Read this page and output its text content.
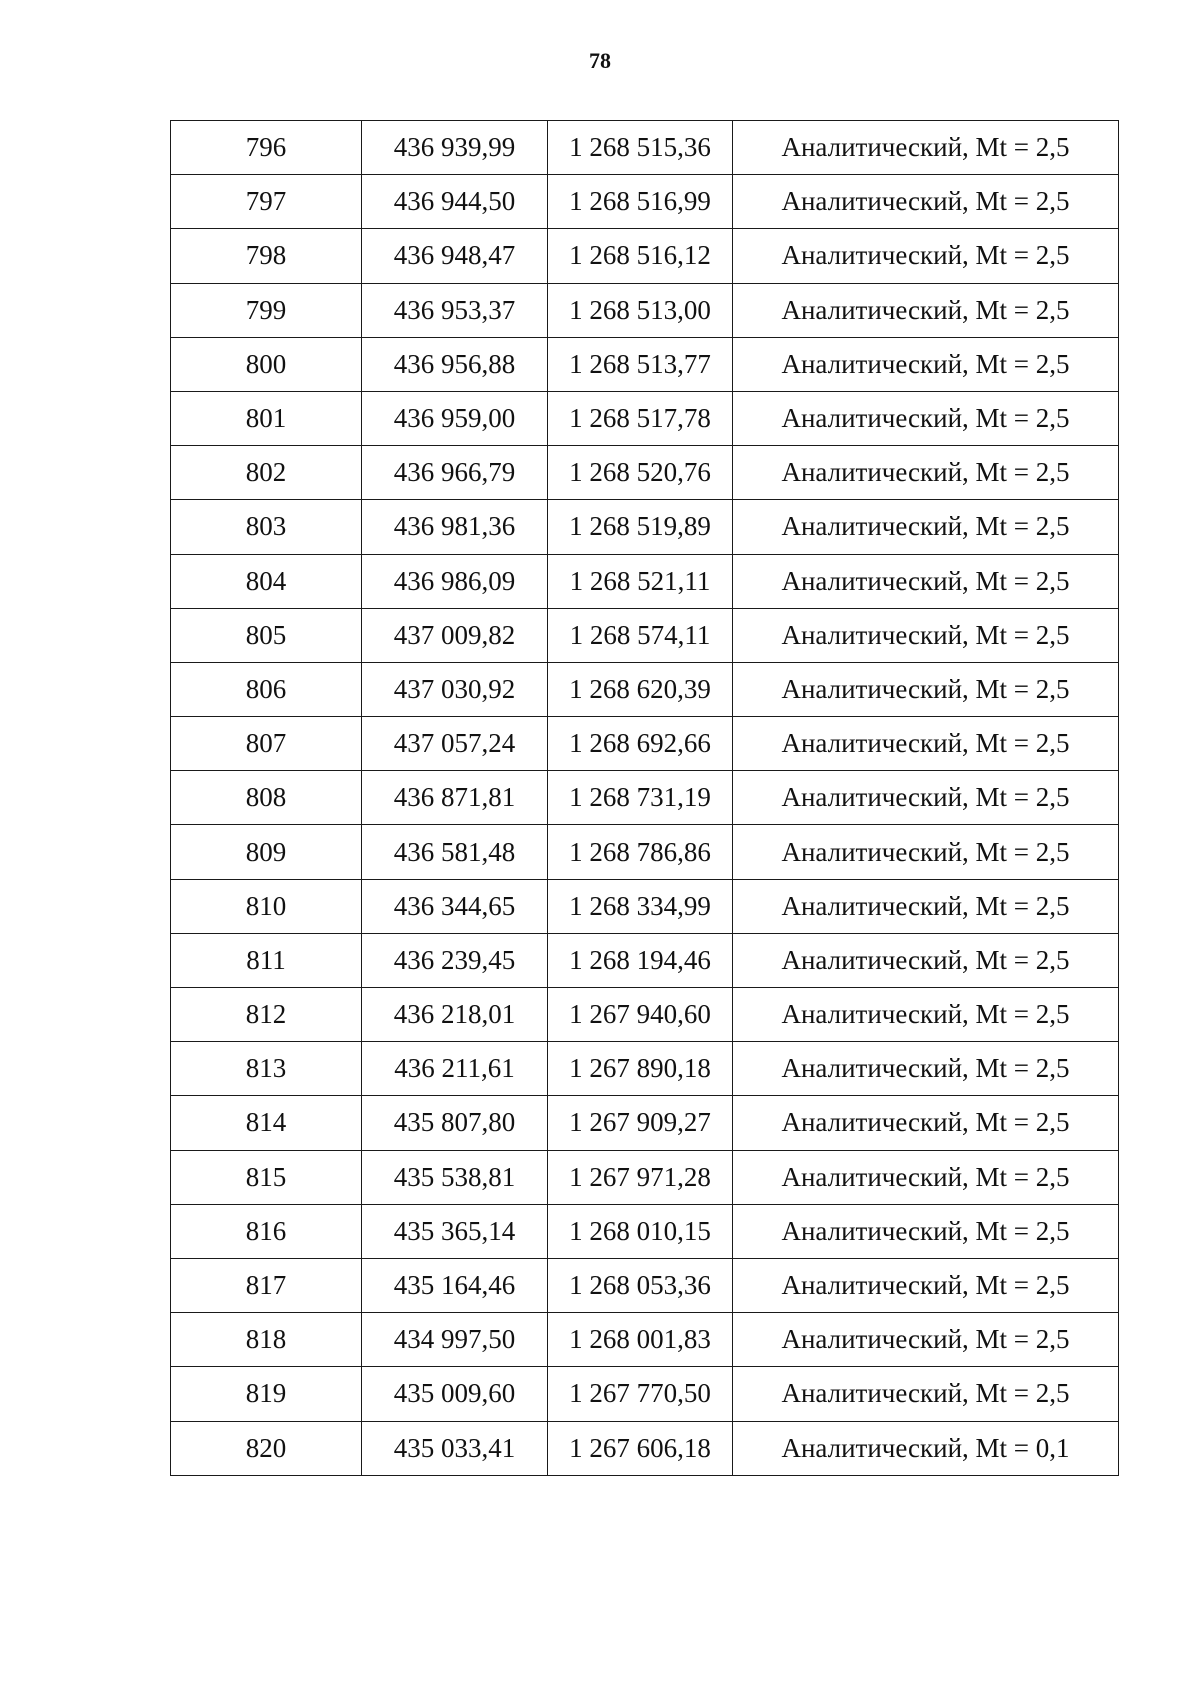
78
796	436 939,99	1 268 515,36	Аналитический, Mt = 2,5
797	436 944,50	1 268 516,99	Аналитический, Mt = 2,5
798	436 948,47	1 268 516,12	Аналитический, Mt = 2,5
799	436 953,37	1 268 513,00	Аналитический, Mt = 2,5
800	436 956,88	1 268 513,77	Аналитический, Mt = 2,5
801	436 959,00	1 268 517,78	Аналитический, Mt = 2,5
802	436 966,79	1 268 520,76	Аналитический, Mt = 2,5
803	436 981,36	1 268 519,89	Аналитический, Mt = 2,5
804	436 986,09	1 268 521,11	Аналитический, Mt = 2,5
805	437 009,82	1 268 574,11	Аналитический, Mt = 2,5
806	437 030,92	1 268 620,39	Аналитический, Mt = 2,5
807	437 057,24	1 268 692,66	Аналитический, Mt = 2,5
808	436 871,81	1 268 731,19	Аналитический, Mt = 2,5
809	436 581,48	1 268 786,86	Аналитический, Mt = 2,5
810	436 344,65	1 268 334,99	Аналитический, Mt = 2,5
811	436 239,45	1 268 194,46	Аналитический, Mt = 2,5
812	436 218,01	1 267 940,60	Аналитический, Mt = 2,5
813	436 211,61	1 267 890,18	Аналитический, Mt = 2,5
814	435 807,80	1 267 909,27	Аналитический, Mt = 2,5
815	435 538,81	1 267 971,28	Аналитический, Mt = 2,5
816	435 365,14	1 268 010,15	Аналитический, Mt = 2,5
817	435 164,46	1 268 053,36	Аналитический, Mt = 2,5
818	434 997,50	1 268 001,83	Аналитический, Mt = 2,5
819	435 009,60	1 267 770,50	Аналитический, Mt = 2,5
820	435 033,41	1 267 606,18	Аналитический, Mt = 0,1
